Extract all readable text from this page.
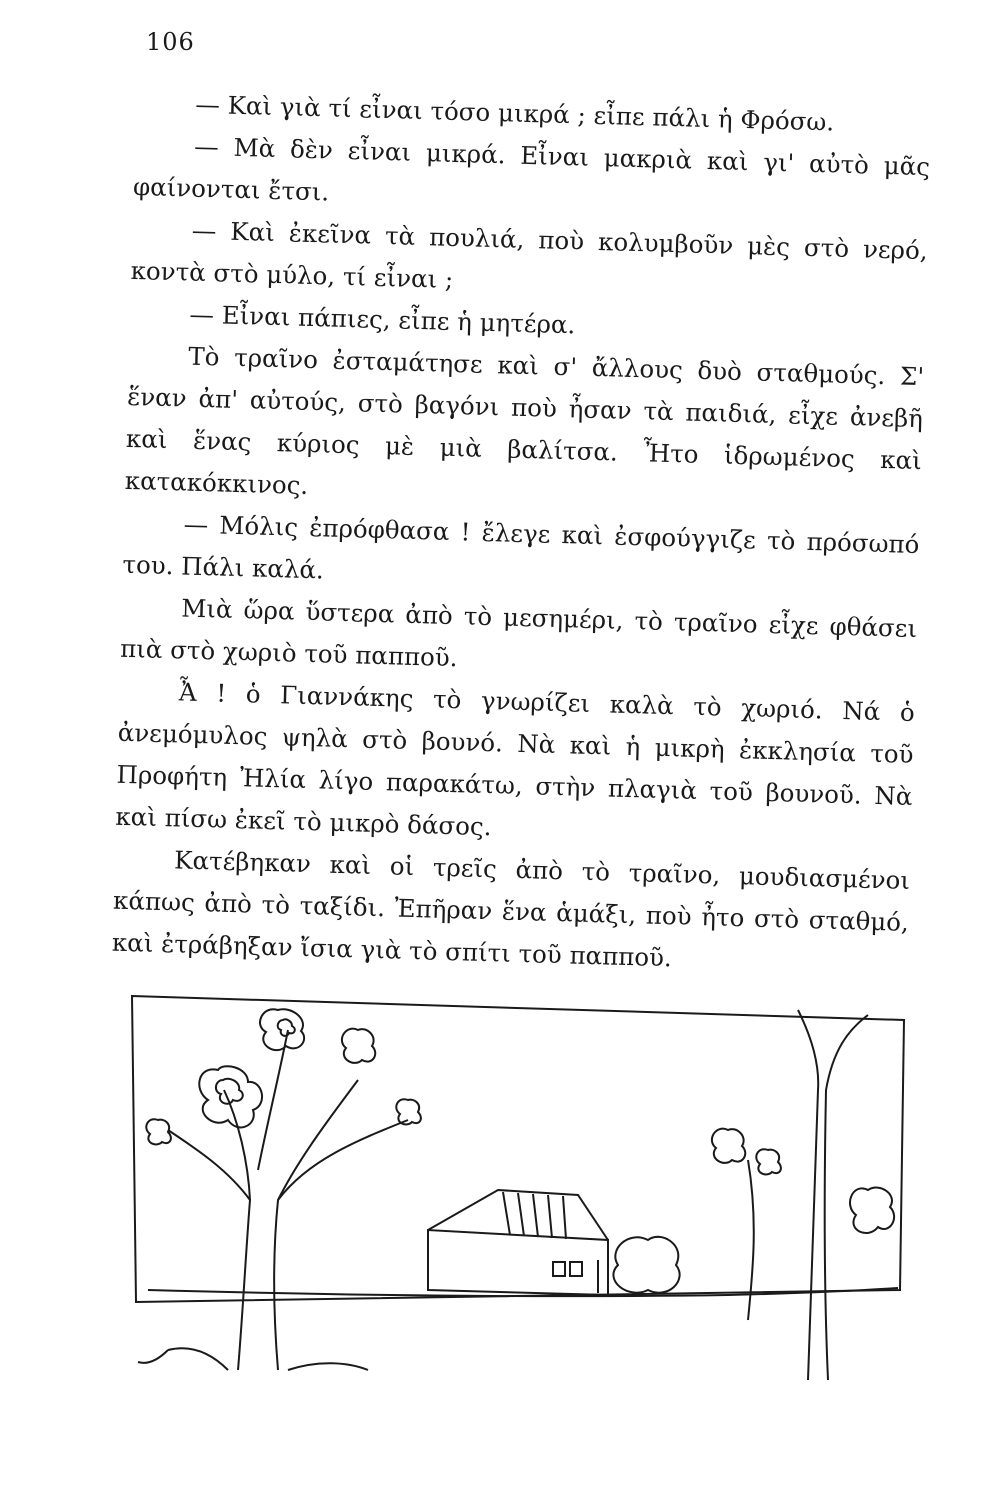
106

— Καὶ γιὰ τί εἶναι τόσο μικρά ; εἶπε πάλι ἡ Φρόσω.

— Μὰ δὲν εἶναι μικρά. Εἶναι μακριὰ καὶ γι' αὐτὸ μᾶς φαίνονται ἔτσι.

— Καὶ ἐκεῖνα τὰ πουλιά, ποὺ κολυμβοῦν μὲς στὸ νερό, κοντὰ στὸ μύλο, τί εἶναι ;

— Εἶναι πάπιες, εἶπε ἡ μητέρα.

Τὸ τραῖνο ἐσταμάτησε καὶ σ' ἄλλους δυὸ σταθμούς. Σ' ἕναν ἀπ' αὐτούς, στὸ βαγόνι ποὺ ἦσαν τὰ παιδιά, εἶχε ἀνεβῆ καὶ ἕνας κύριος μὲ μιὰ βαλίτσα. Ἦτο ἱδρωμένος καὶ κατακόκκινος.

— Μόλις ἐπρόφθασα ! ἔλεγε καὶ ἐσφούγγιζε τὸ πρόσωπό του. Πάλι καλά.

Μιὰ ὥρα ὕστερα ἀπὸ τὸ μεσημέρι, τὸ τραῖνο εἶχε φθάσει πιὰ στὸ χωριὸ τοῦ παπποῦ.

Ἆ ! ὁ Γιαννάκης τὸ γνωρίζει καλὰ τὸ χωριό. Νά ὁ ἀνεμόμυλος ψηλὰ στὸ βουνό. Νὰ καὶ ἡ μικρὴ ἐκκλησία τοῦ Προφήτη Ἠλία λίγο παρακάτω, στὴν πλαγιὰ τοῦ βουνοῦ. Νὰ καὶ πίσω ἐκεῖ τὸ μικρὸ δάσος.

Κατέβηκαν καὶ οἱ τρεῖς ἀπὸ τὸ τραῖνο, μουδιασμένοι κάπως ἀπὸ τὸ ταξίδι. Ἐπῆραν ἕνα ἁμάξι, ποὺ ἦτο στὸ σταθμό, καὶ ἐτράβηξαν ἴσια γιὰ τὸ σπίτι τοῦ παπποῦ.
